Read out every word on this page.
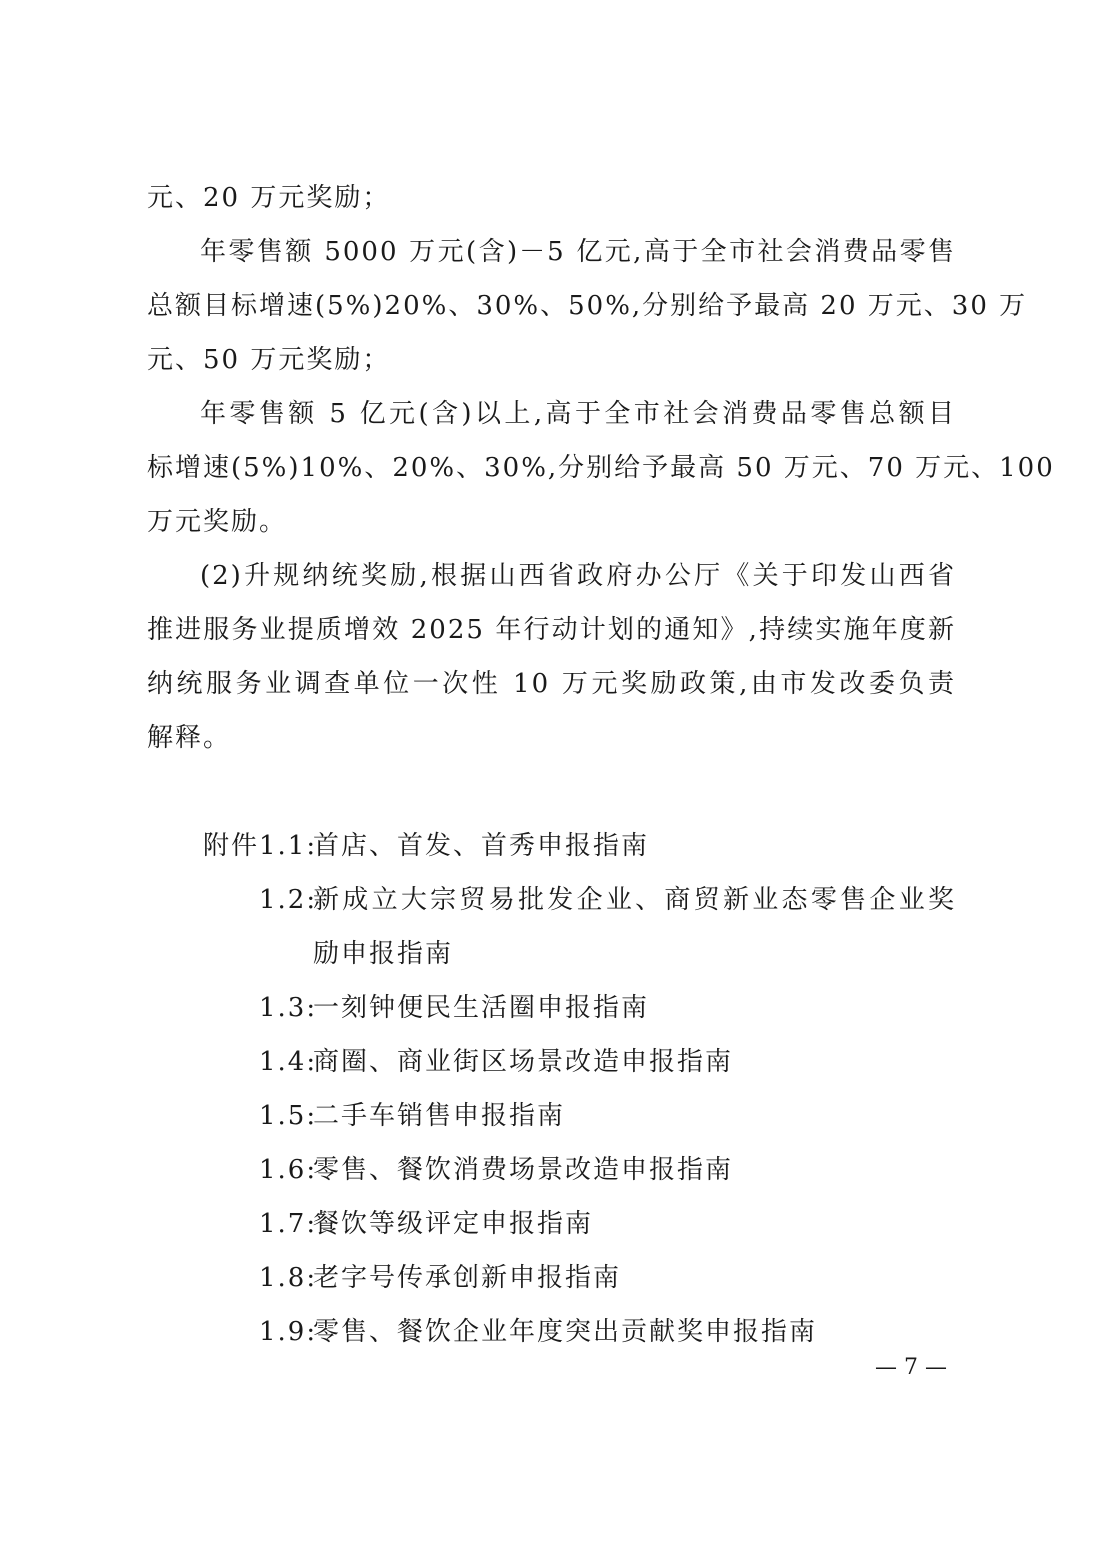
元、20 万元奖励；
年零售额 5000 万元(含)－5 亿元,高于全市社会消费品零售
总额目标增速(5%)20%、30%、50%,分别给予最高 20 万元、30 万
元、50 万元奖励；
年零售额 5 亿元(含)以上,高于全市社会消费品零售总额目
标增速(5%)10%、20%、30%,分别给予最高 50 万元、70 万元、100
万元奖励。
(2)升规纳统奖励,根据山西省政府办公厅《关于印发山西省
推进服务业提质增效 2025 年行动计划的通知》,持续实施年度新
纳统服务业调查单位一次性 10 万元奖励政策,由市发改委负责
解释。
附件 1.1:
首店、首发、首秀申报指南
1.2:
新成立大宗贸易批发企业、商贸新业态零售企业奖
励申报指南
1.3:
一刻钟便民生活圈申报指南
1.4:
商圈、商业街区场景改造申报指南
1.5:
二手车销售申报指南
1.6:
零售、餐饮消费场景改造申报指南
1.7:
餐饮等级评定申报指南
1.8:
老字号传承创新申报指南
1.9:
零售、餐饮企业年度突出贡献奖申报指南
— 7 —
